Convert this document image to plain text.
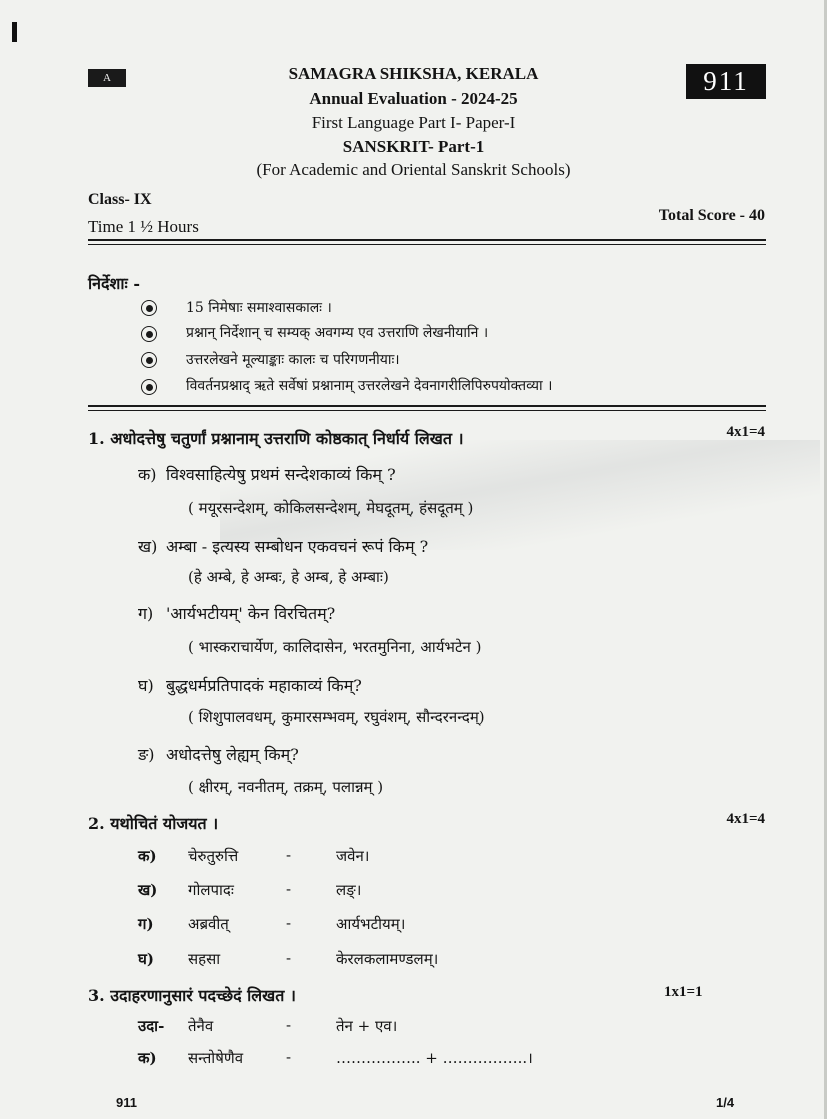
A	911
SAMAGRA SHIKSHA, KERALA
Annual Evaluation - 2024-25
First Language Part I- Paper-I
SANSKRIT- Part-1
(For Academic and Oriental Sanskrit Schools)
Class- IX
Time 1 ½ Hours
Total Score - 40
निर्देशाः -
15 निमेषाः समाश्वासकालः ।
प्रश्नान् निर्देशान् च सम्यक् अवगम्य एव उत्तराणि लेखनीयानि ।
उत्तरलेखने मूल्याङ्काः कालः च परिगणनीयाः।
विवर्तनप्रश्नाद् ऋते सर्वेषां प्रश्नानाम् उत्तरलेखने देवनागरीलिपिरुपयोक्तव्या ।
1. अधोदत्तेषु चतुर्णां प्रश्नानाम् उत्तराणि कोष्ठकात् निर्धार्य लिखत ।	4x1=4
क) विश्वसाहित्येषु प्रथमं सन्देशकाव्यं किम् ?
( मयूरसन्देशम्, कोकिलसन्देशम्, मेघदूतम्, हंसदूतम् )
ख) अम्बा - इत्यस्य सम्बोधन एकवचनं रूपं किम् ?
(हे अम्बे, हे अम्बः, हे अम्ब, हे अम्बाः)
ग) 'आर्यभटीयम्' केन विरचितम्?
( भास्कराचार्येण, कालिदासेन, भरतमुनिना, आर्यभटेन )
घ) बुद्धधर्मप्रतिपादकं महाकाव्यं किम्?
( शिशुपालवधम्, कुमारसम्भवम्, रघुवंशम्, सौन्दरनन्दम्)
ङ) अधोदत्तेषु लेह्यम् किम्?
( क्षीरम्, नवनीतम्, तक्रम्, पलान्नम् )
2. यथोचितं योजयत ।	4x1=4
क) चेरुतुरुत्ति	-	जवेन।
ख) गोलपादः	-	लङ्।
ग) अब्रवीत्	-	आर्यभटीयम्।
घ) सहसा	-	केरलकलामण्डलम्।
3. उदाहरणानुसारं पदच्छेदं लिखत ।	1x1=1
उदा- तेनैव	-	तेन + एव।
क) सन्तोषेणैव	-	…………….. + ……………..।
911	1/4
